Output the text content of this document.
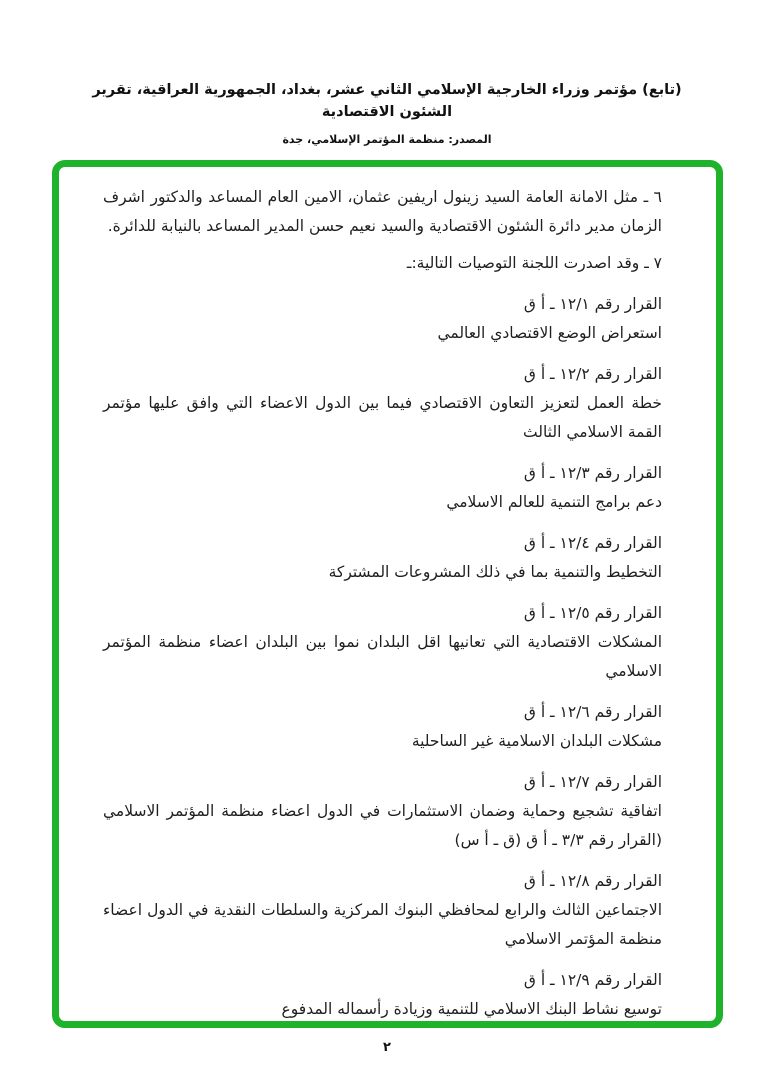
(تابع) مؤتمر وزراء الخارجية الإسلامي الثاني عشر، بغداد، الجمهورية العراقية، تقرير الشئون الاقتصادية
المصدر: منظمة المؤتمر الإسلامي، جدة

٦ ـ مثل الامانة العامة السيد زينول اريفين عثمان، الامين العام المساعد والدكتور اشرف الزمان مدير دائرة الشئون الاقتصادية والسيد نعيم حسن المدير المساعد بالنيابة للدائرة.

٧ ـ وقد اصدرت اللجنة التوصيات التالية:ـ

القرار رقم ١٢/١ ـ أ ق
استعراض الوضع الاقتصادي العالمي
القرار رقم ١٢/٢ ـ أ ق
خطة العمل لتعزيز التعاون الاقتصادي فيما بين الدول الاعضاء التي وافق عليها مؤتمر القمة الاسلامي الثالث
القرار رقم ١٢/٣ ـ أ ق
دعم برامج التنمية للعالم الاسلامي
القرار رقم ١٢/٤ ـ أ ق
التخطيط والتنمية بما في ذلك المشروعات المشتركة
القرار رقم ١٢/٥ ـ أ ق
المشكلات الاقتصادية التي تعانيها اقل البلدان نموا بين البلدان اعضاء منظمة المؤتمر الاسلامي
القرار رقم ١٢/٦ ـ أ ق
مشكلات البلدان الاسلامية غير الساحلية
القرار رقم ١٢/٧ ـ أ ق
اتفاقية تشجيع وحماية وضمان الاستثمارات في الدول اعضاء منظمة المؤتمر الاسلامي (القرار رقم ٣/٣ ـ أ ق (ق ـ أ س)
القرار رقم ١٢/٨ ـ أ ق
الاجتماعين الثالث والرابع لمحافظي البنوك المركزية والسلطات النقدية في الدول اعضاء منظمة المؤتمر الاسلامي
القرار رقم ١٢/٩ ـ أ ق
توسيع نشاط البنك الاسلامي للتنمية وزيادة رأسماله المدفوع
٢
